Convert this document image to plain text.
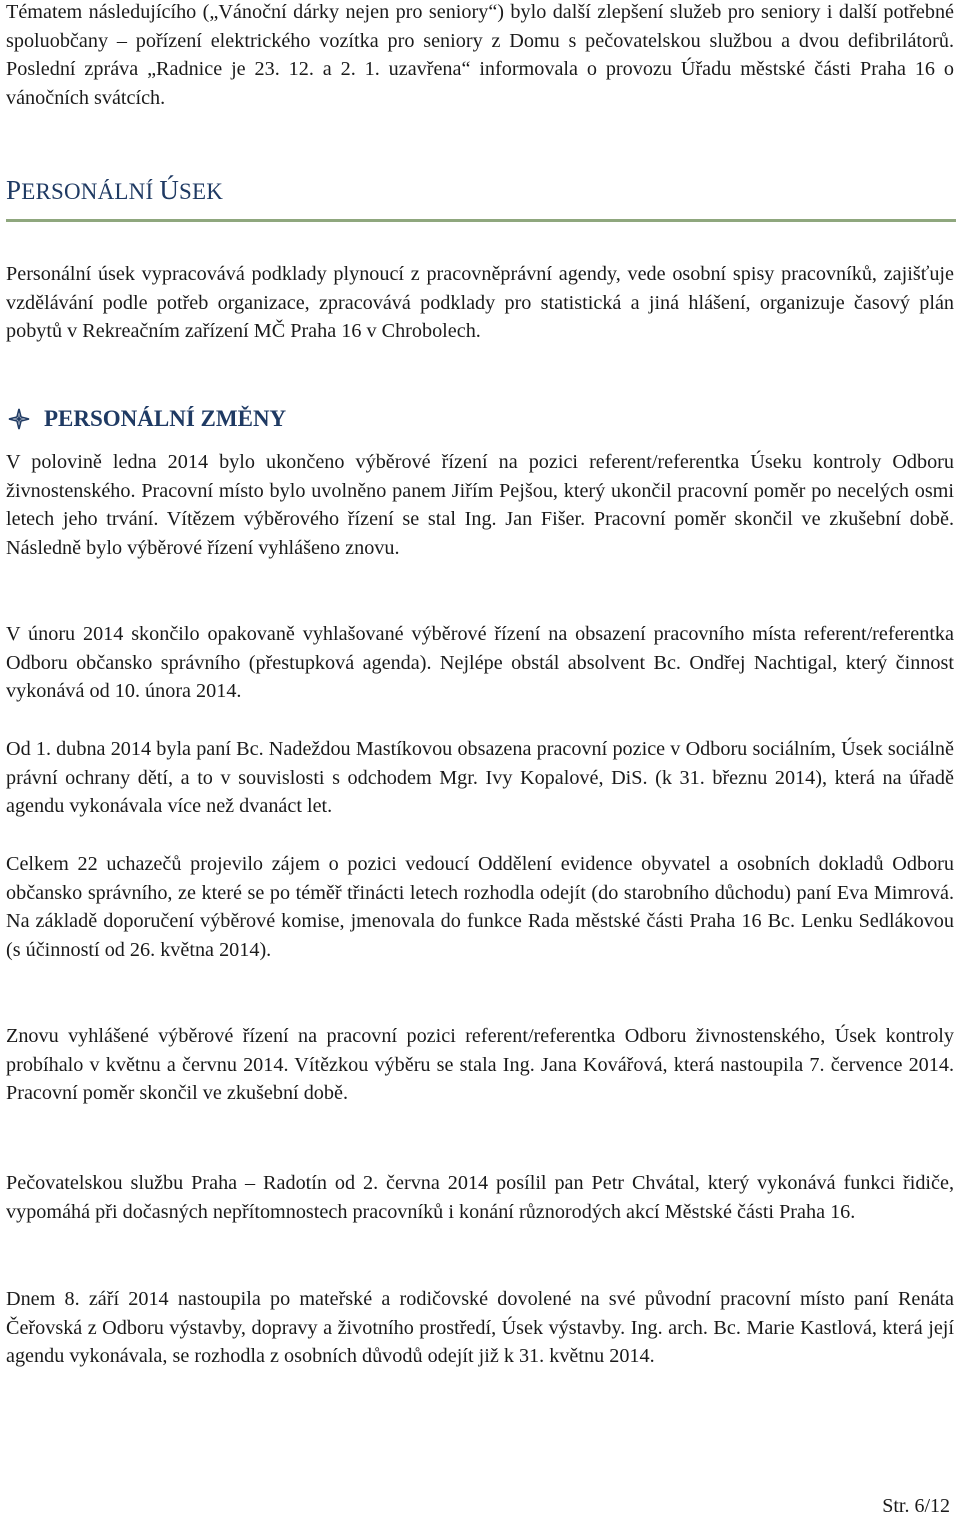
Tématem následujícího („Vánoční dárky nejen pro seniory“) bylo další zlepšení služeb pro seniory i další potřebné spoluobčany – pořízení elektrického vozítka pro seniory z Domu s pečovatelskou službou a dvou defibrilátorů. Poslední zpráva „Radnice je 23. 12. a 2. 1. uzavřena“ informovala o provozu Úřadu městské části Praha 16 o vánočních svátcích.

PERSONÁLNÍ ÚSEK

Personální úsek vypracovává podklady plynoucí z pracovněprávní agendy, vede osobní spisy pracovníků, zajišťuje vzdělávání podle potřeb organizace, zpracovává podklady pro statistická a jiná hlášení, organizuje časový plán pobytů v Rekreačním zařízení MČ Praha 16 v Chrobolech.

PERSONÁLNÍ ZMĚNY

V polovině ledna 2014 bylo ukončeno výběrové řízení na pozici referent/referentka Úseku kontroly Odboru živnostenského. Pracovní místo bylo uvolněno panem Jiřím Pejšou, který ukončil pracovní poměr po necelých osmi letech jeho trvání. Vítězem výběrového řízení se stal Ing. Jan Fišer. Pracovní poměr skončil ve zkušební době. Následně bylo výběrové řízení vyhlášeno znovu.

V únoru 2014 skončilo opakovaně vyhlašované výběrové řízení na obsazení pracovního místa referent/referentka Odboru občansko správního (přestupková agenda). Nejlépe obstál absolvent Bc. Ondřej Nachtigal, který činnost vykonává od 10. února 2014.

Od 1. dubna 2014 byla paní Bc. Nadeždou Mastíkovou obsazena pracovní pozice v Odboru sociálním, Úsek sociálně právní ochrany dětí, a to v souvislosti s odchodem Mgr. Ivy Kopalové, DiS. (k 31. březnu 2014), která na úřadě agendu vykonávala více než dvanáct let.

Celkem 22 uchazečů projevilo zájem o pozici vedoucí Oddělení evidence obyvatel a osobních dokladů Odboru občansko správního, ze které se po téměř třinácti letech rozhodla odejít (do starobního důchodu) paní Eva Mimrová. Na základě doporučení výběrové komise, jmenovala do funkce Rada městské části Praha 16 Bc. Lenku Sedlákovou (s účinností od 26. května 2014).

Znovu vyhlášené výběrové řízení na pracovní pozici referent/referentka Odboru živnostenského, Úsek kontroly probíhalo v květnu a červnu 2014. Vítězkou výběru se stala Ing. Jana Kovářová, která nastoupila 7. července 2014. Pracovní poměr skončil ve zkušební době.

Pečovatelskou službu Praha – Radotín od 2. června 2014 posílil pan Petr Chvátal, který vykonává funkci řidiče, vypomáhá při dočasných nepřítomnostech pracovníků i konání různorodých akcí Městské části Praha 16.

Dnem 8. září 2014 nastoupila po mateřské a rodičovské dovolené na své původní pracovní místo paní Renáta Čeřovská z Odboru výstavby, dopravy a životního prostředí, Úsek výstavby. Ing. arch. Bc. Marie Kastlová, která její agendu vykonávala, se rozhodla z osobních důvodů odejít již k 31. květnu 2014.

Str. 6/12
